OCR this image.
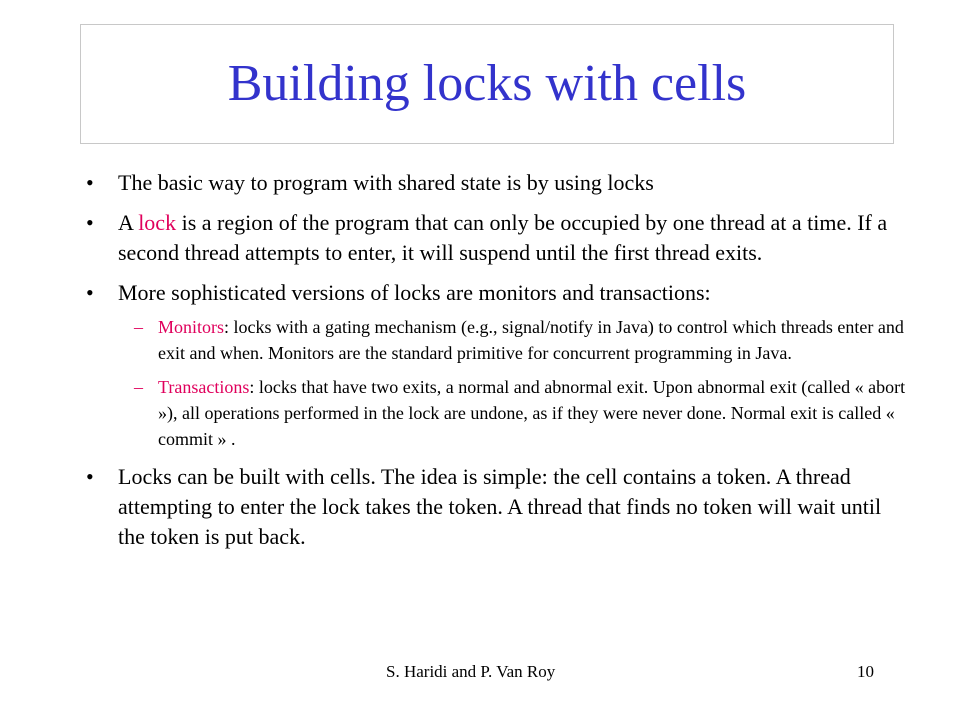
Building locks with cells

• The basic way to program with shared state is by using locks

• A lock is a region of the program that can only be occupied by one thread at a time. If a second thread attempts to enter, it will suspend until the first thread exits.

• More sophisticated versions of locks are monitors and transactions:

– Monitors: locks with a gating mechanism (e.g., signal/notify in Java) to control which threads enter and exit and when. Monitors are the standard primitive for concurrent programming in Java.

– Transactions: locks that have two exits, a normal and abnormal exit. Upon abnormal exit (called « abort »), all operations performed in the lock are undone, as if they were never done. Normal exit is called « commit » .

• Locks can be built with cells. The idea is simple: the cell contains a token. A thread attempting to enter the lock takes the token. A thread that finds no token will wait until the token is put back.

S. Haridi and P. Van Roy	10
